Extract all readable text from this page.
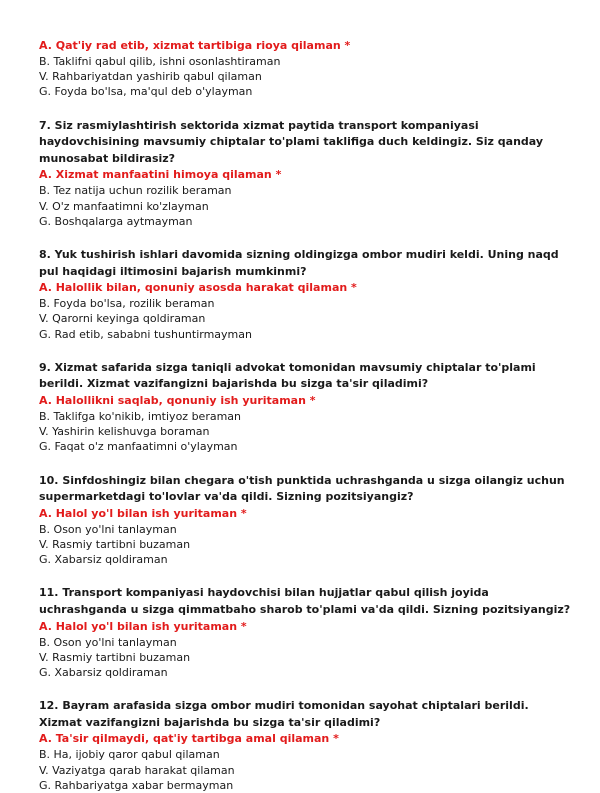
A. Qat'iy rad etib, xizmat tartibiga rioya qilaman *
B. Taklifni qabul qilib, ishni osonlashtiraman
V. Rahbariyatdan yashirib qabul qilaman
G. Foyda bo'lsa, ma'qul deb o'ylayman
7. Siz rasmiylashtirish sektorida xizmat paytida transport kompaniyasi
haydovchisining mavsumiy chiptalar to'plami taklifiga duch keldingiz. Siz qanday
munosabat bildirasiz?
A. Xizmat manfaatini himoya qilaman *
B. Tez natija uchun rozilik beraman
V. O'z manfaatimni ko'zlayman
G. Boshqalarga aytmayman
8. Yuk tushirish ishlari davomida sizning oldingizga ombor mudiri keldi. Uning naqd
pul haqidagi iltimosini bajarish mumkinmi?
A. Halollik bilan, qonuniy asosda harakat qilaman *
B. Foyda bo'lsa, rozilik beraman
V. Qarorni keyinga qoldiraman
G. Rad etib, sababni tushuntirmayman
9. Xizmat safarida sizga taniqli advokat tomonidan mavsumiy chiptalar to'plami
berildi. Xizmat vazifangizni bajarishda bu sizga ta'sir qiladimi?
A. Halollikni saqlab, qonuniy ish yuritaman *
B. Taklifga ko'nikib, imtiyoz beraman
V. Yashirin kelishuvga boraman
G. Faqat o'z manfaatimni o'ylayman
10. Sinfdoshingiz bilan chegara o'tish punktida uchrashganda u sizga oilangiz uchun
supermarketdagi to'lovlar va'da qildi. Sizning pozitsiyangiz?
A. Halol yo'l bilan ish yuritaman *
B. Oson yo'lni tanlayman
V. Rasmiy tartibni buzaman
G. Xabarsiz qoldiraman
11. Transport kompaniyasi haydovchisi bilan hujjatlar qabul qilish joyida
uchrashganda u sizga qimmatbaho sharob to'plami va'da qildi. Sizning pozitsiyangiz?
A. Halol yo'l bilan ish yuritaman *
B. Oson yo'lni tanlayman
V. Rasmiy tartibni buzaman
G. Xabarsiz qoldiraman
12. Bayram arafasida sizga ombor mudiri tomonidan sayohat chiptalari berildi.
Xizmat vazifangizni bajarishda bu sizga ta'sir qiladimi?
A. Ta'sir qilmaydi, qat'iy tartibga amal qilaman *
B. Ha, ijobiy qaror qabul qilaman
V. Vaziyatga qarab harakat qilaman
G. Rahbariyatga xabar bermayman
